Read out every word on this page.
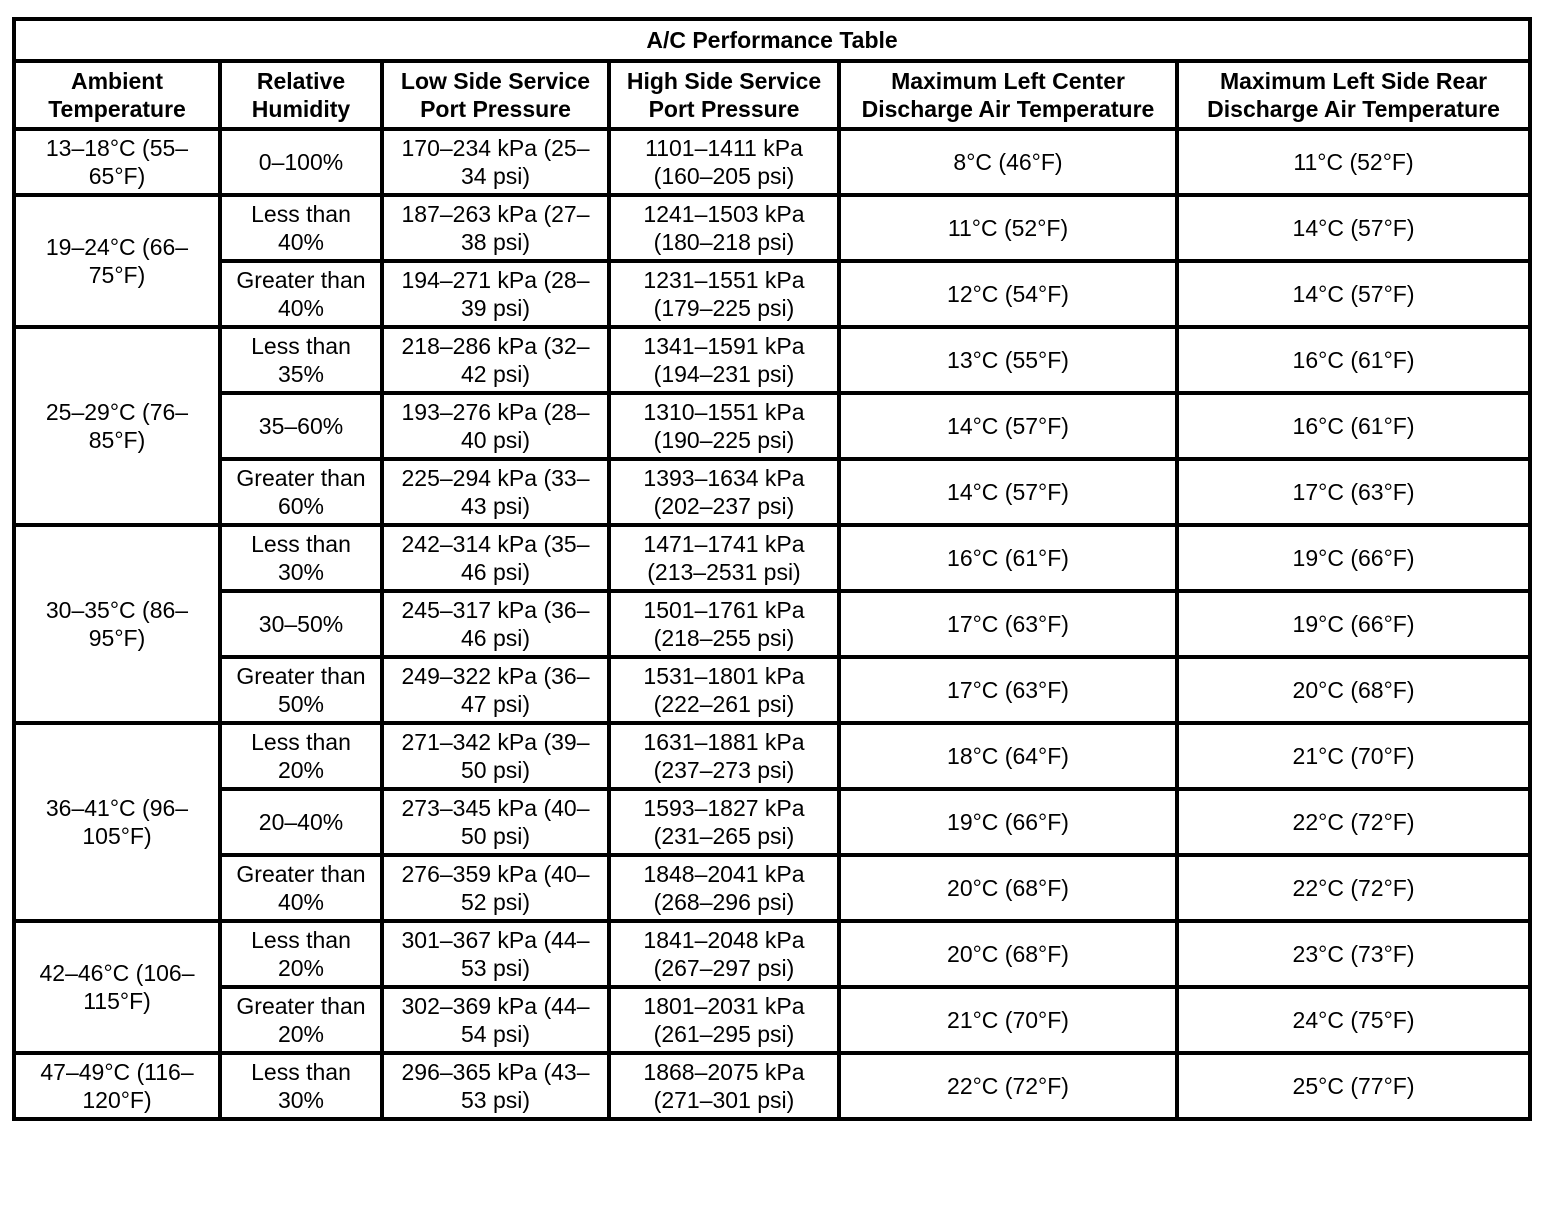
A/C Performance Table					

Ambient
Temperature	Relative
Humidity	Low Side Service
Port Pressure	High Side Service
Port Pressure	Maximum Left Center
Discharge Air Temperature	Maximum Left Side Rear
Discharge Air Temperature

13–18°C (55–
65°F)	0–100%	170–234 kPa (25–
34 psi)	1101–1411 kPa
(160–205 psi)	8°C (46°F)	11°C (52°F)

19–24°C (66–
75°F)	Less than
40%	187–263 kPa (27–
38 psi)	1241–1503 kPa
(180–218 psi)	11°C (52°F)	14°C (57°F)

	Greater than
40%	194–271 kPa (28–
39 psi)	1231–1551 kPa
(179–225 psi)	12°C (54°F)	14°C (57°F)

25–29°C (76–
85°F)	Less than
35%	218–286 kPa (32–
42 psi)	1341–1591 kPa
(194–231 psi)	13°C (55°F)	16°C (61°F)

	35–60%	193–276 kPa (28–
40 psi)	1310–1551 kPa
(190–225 psi)	14°C (57°F)	16°C (61°F)

	Greater than
60%	225–294 kPa (33–
43 psi)	1393–1634 kPa
(202–237 psi)	14°C (57°F)	17°C (63°F)

30–35°C (86–
95°F)	Less than
30%	242–314 kPa (35–
46 psi)	1471–1741 kPa
(213–2531 psi)	16°C (61°F)	19°C (66°F)

	30–50%	245–317 kPa (36–
46 psi)	1501–1761 kPa
(218–255 psi)	17°C (63°F)	19°C (66°F)

	Greater than
50%	249–322 kPa (36–
47 psi)	1531–1801 kPa
(222–261 psi)	17°C (63°F)	20°C (68°F)

36–41°C (96–
105°F)	Less than
20%	271–342 kPa (39–
50 psi)	1631–1881 kPa
(237–273 psi)	18°C (64°F)	21°C (70°F)

	20–40%	273–345 kPa (40–
50 psi)	1593–1827 kPa
(231–265 psi)	19°C (66°F)	22°C (72°F)

	Greater than
40%	276–359 kPa (40–
52 psi)	1848–2041 kPa
(268–296 psi)	20°C (68°F)	22°C (72°F)

42–46°C (106–
115°F)	Less than
20%	301–367 kPa (44–
53 psi)	1841–2048 kPa
(267–297 psi)	20°C (68°F)	23°C (73°F)

	Greater than
20%	302–369 kPa (44–
54 psi)	1801–2031 kPa
(261–295 psi)	21°C (70°F)	24°C (75°F)

47–49°C (116–
120°F)	Less than
30%	296–365 kPa (43–
53 psi)	1868–2075 kPa
(271–301 psi)	22°C (72°F)	25°C (77°F)
